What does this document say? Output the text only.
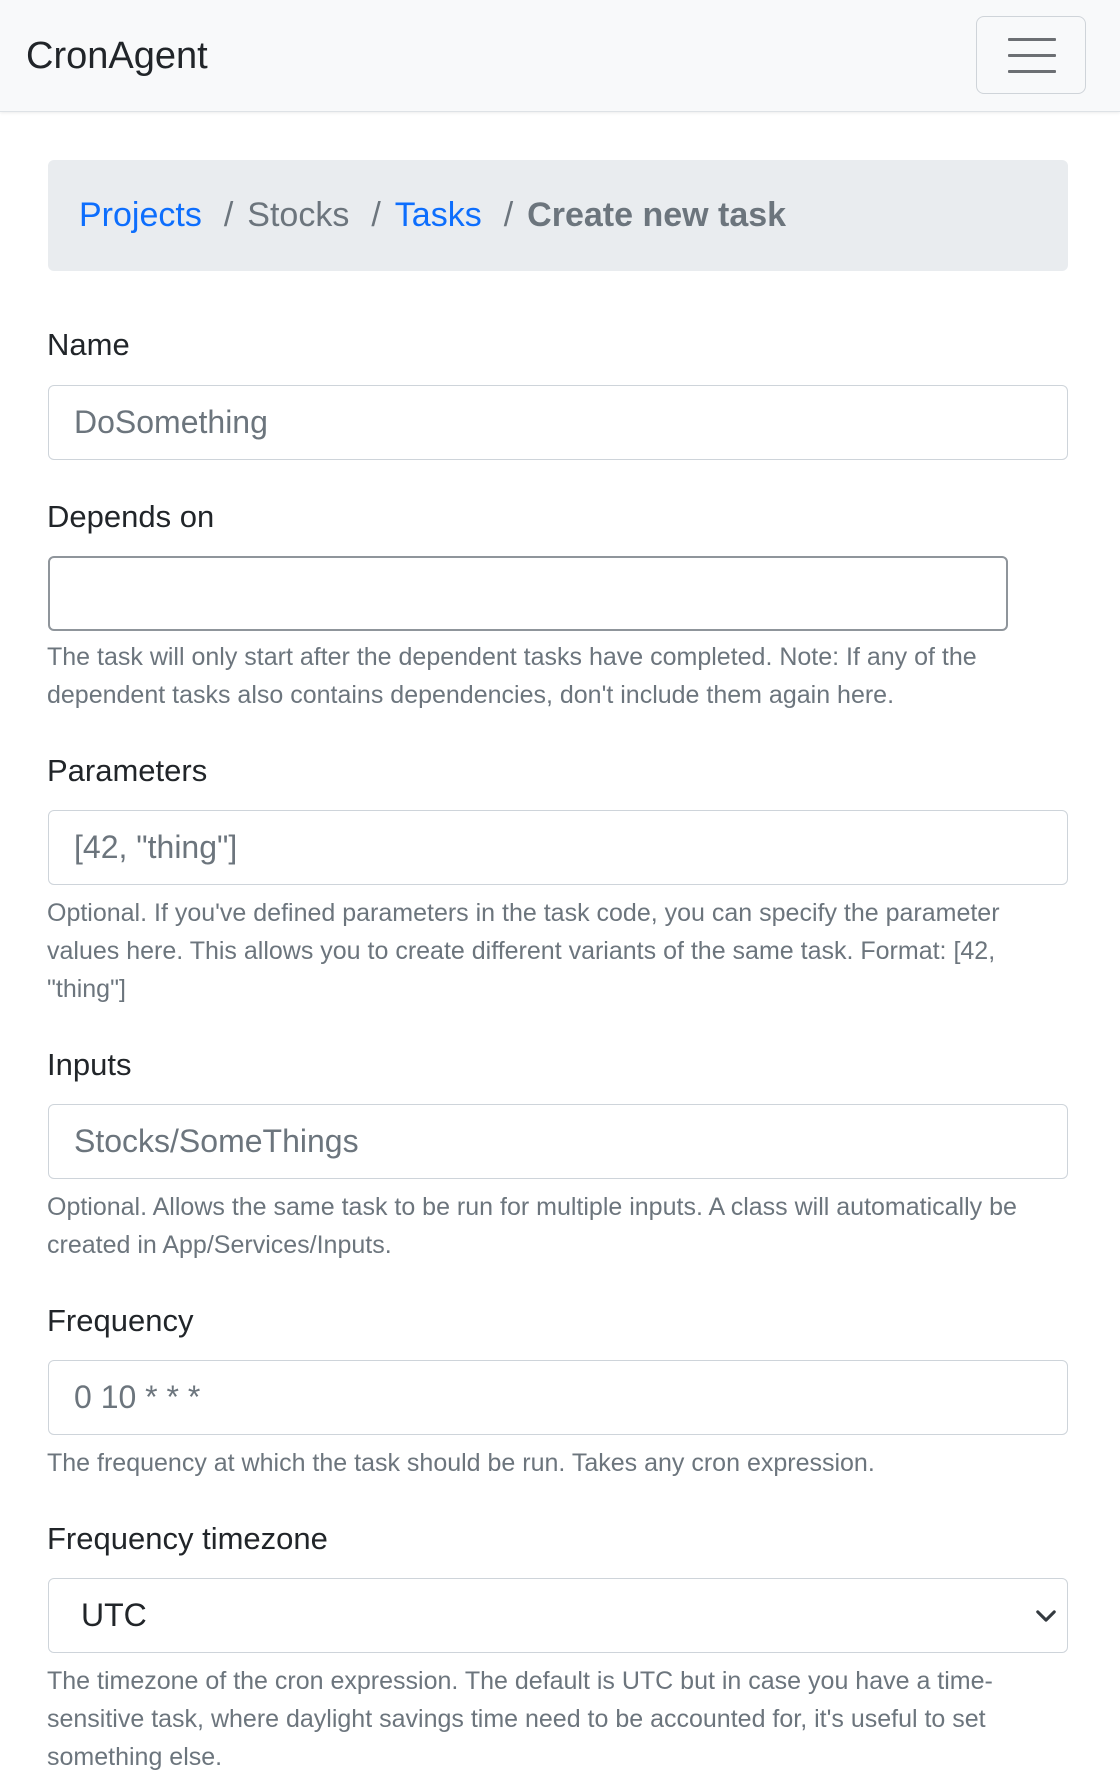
CronAgent
Projects / Stocks / Tasks / Create new task
Name
DoSomething
Depends on
The task will only start after the dependent tasks have completed. Note: If any of the dependent tasks also contains dependencies, don't include them again here.
Parameters
[42, "thing"]
Optional. If you've defined parameters in the task code, you can specify the parameter values here. This allows you to create different variants of the same task. Format: [42, "thing"]
Inputs
Stocks/SomeThings
Optional. Allows the same task to be run for multiple inputs. A class will automatically be created in App/Services/Inputs.
Frequency
0 10 * * *
The frequency at which the task should be run. Takes any cron expression.
Frequency timezone
UTC
The timezone of the cron expression. The default is UTC but in case you have a time-sensitive task, where daylight savings time need to be accounted for, it's useful to set something else.
